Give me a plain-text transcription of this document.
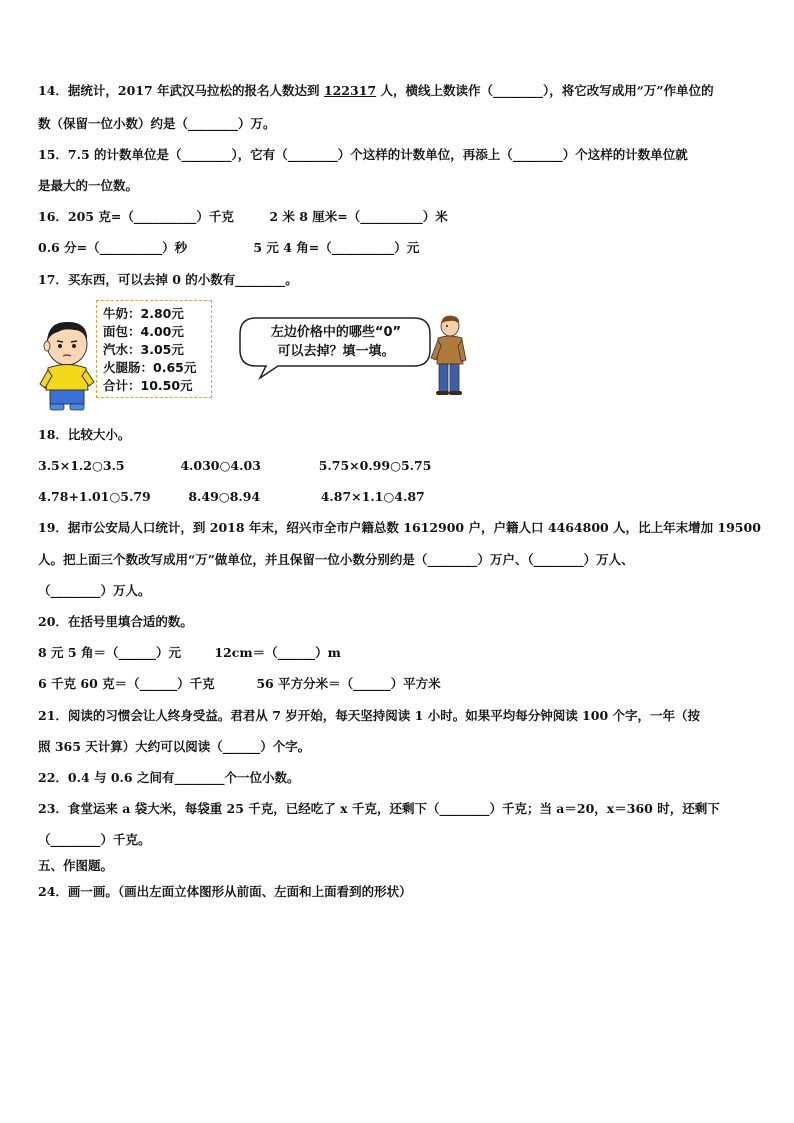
14．据统计，2017 年武汉马拉松的报名人数达到 122317 人，横线上数读作（________），将它改写成用“万”作单位的
数（保留一位小数）约是（________）万。
15．7.5 的计数单位是（________），它有（________）个这样的计数单位，再添上（________）个这样的计数单位就
是最大的一位数。
16．205 克=（__________）千克	2 米 8 厘米=（__________）米
0.6 分=（__________）秒	5 元 4 角=（__________）元
17．买东西，可以去掉 0 的小数有________。
牛奶：2.80元
面包：4.00元
汽水：3.05元
火腿肠：0.65元
合计：10.50元
左边价格中的哪些“0”
可以去掉？填一填。
18．比较大小。
3.5×1.2○3.5	4.030○4.03	5.75×0.99○5.75
4.78+1.01○5.79	8.49○8.94	4.87×1.1○4.87
19．据市公安局人口统计，到 2018 年末，绍兴市全市户籍总数 1612900 户，户籍人口 4464800 人，比上年末增加 19500
人。把上面三个数改写成用“万”做单位，并且保留一位小数分别约是（________）万户、（________）万人、
（________）万人。
20．在括号里填合适的数。
8 元 5 角＝（______）元	12cm＝（______）m
6 千克 60 克＝（______）千克	56 平方分米＝（______）平方米
21．阅读的习惯会让人终身受益。君君从 7 岁开始，每天坚持阅读 1 小时。如果平均每分钟阅读 100 个字，一年（按
照 365 天计算）大约可以阅读（______）个字。
22．0.4 与 0.6 之间有________个一位小数。
23．食堂运来 a 袋大米，每袋重 25 千克，已经吃了 x 千克，还剩下（________）千克；当 a＝20，x＝360 时，还剩下
（________）千克。
五、作图题。
24．画一画。（画出左面立体图形从前面、左面和上面看到的形状）
